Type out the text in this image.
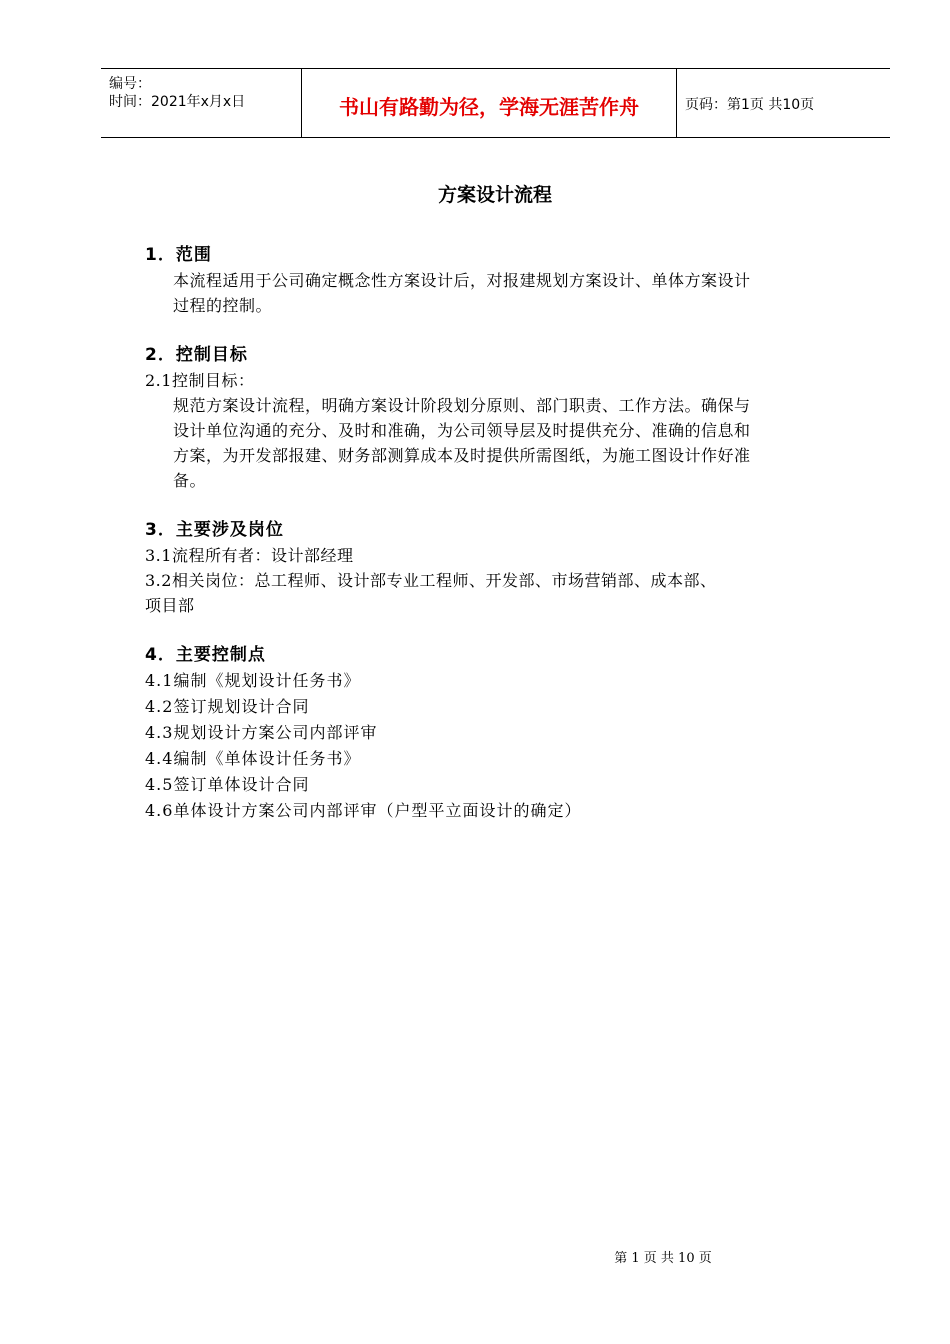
编号：
时间：2021年x月x日	书山有路勤为径，学海无涯苦作舟	页码：第1页 共10页
方案设计流程
1．范围
本流程适用于公司确定概念性方案设计后，对报建规划方案设计、单体方案设计
过程的控制。
2．控制目标
2.1控制目标：
规范方案设计流程，明确方案设计阶段划分原则、部门职责、工作方法。确保与
设计单位沟通的充分、及时和准确，为公司领导层及时提供充分、准确的信息和
方案，为开发部报建、财务部测算成本及时提供所需图纸，为施工图设计作好准
备。
3．主要涉及岗位
3.1流程所有者：设计部经理
3.2相关岗位：总工程师、设计部专业工程师、开发部、市场营销部、成本部、
项目部
4．主要控制点
4.1编制《规划设计任务书》
4.2签订规划设计合同
4.3规划设计方案公司内部评审
4.4编制《单体设计任务书》
4.5签订单体设计合同
4.6单体设计方案公司内部评审（户型平立面设计的确定）
第 1 页 共 10 页
